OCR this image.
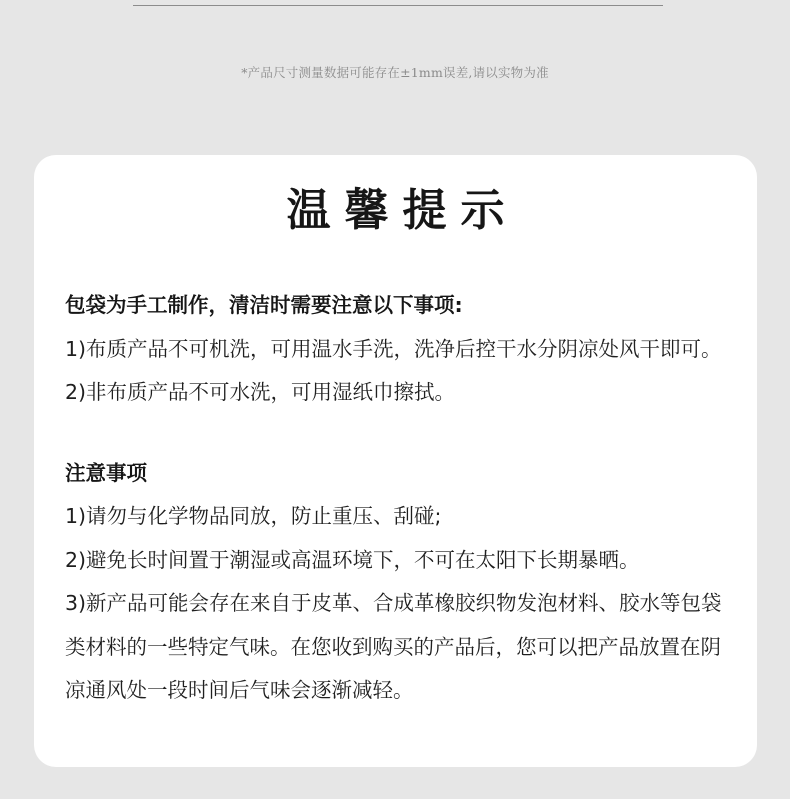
*产品尺寸测量数据可能存在±1mm误差,请以实物为准
温馨提示

包袋为手工制作，清洁时需要注意以下事项:

1)布质产品不可机洗，可用温水手洗，洗净后控干水分阴凉处风干即可。

2)非布质产品不可水洗，可用湿纸巾擦拭。

注意事项

1)请勿与化学物品同放，防止重压、刮碰;

2)避免长时间置于潮湿或高温环境下，不可在太阳下长期暴晒。

3)新产品可能会存在来自于皮革、合成革橡胶织物发泡材料、胶水等包袋类材料的一些特定气味。在您收到购买的产品后，您可以把产品放置在阴凉通风处一段时间后气味会逐渐减轻。
